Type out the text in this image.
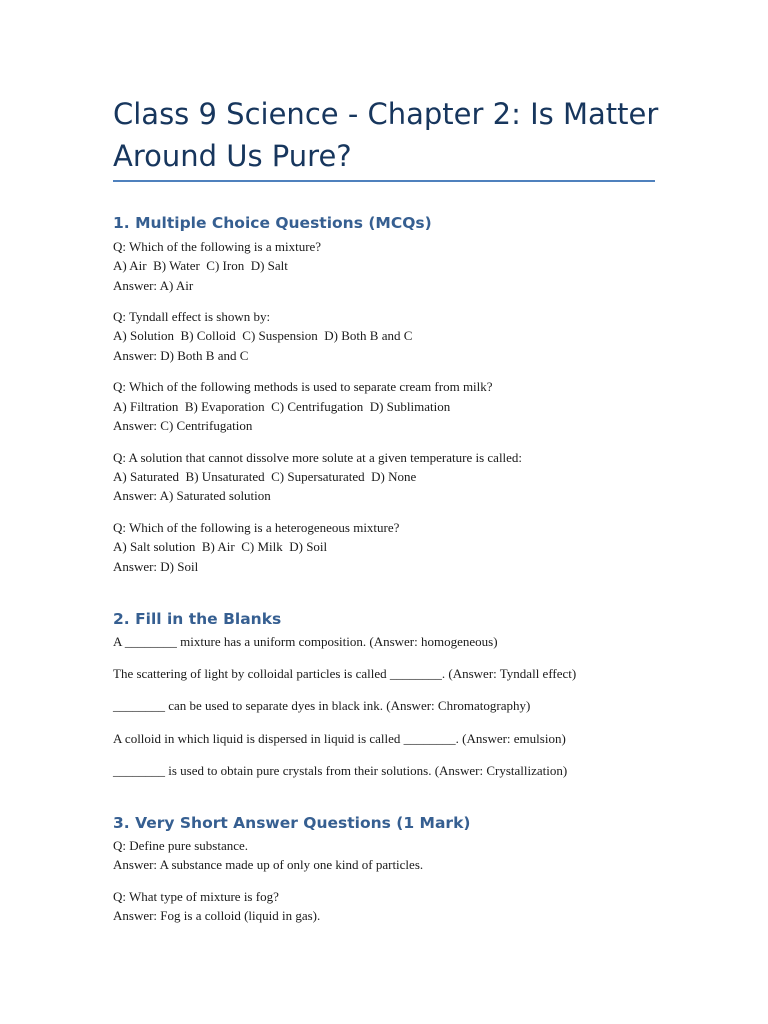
Class 9 Science - Chapter 2: Is Matter Around Us Pure?
1. Multiple Choice Questions (MCQs)
Q: Which of the following is a mixture?
A) Air  B) Water  C) Iron  D) Salt
Answer: A) Air
Q: Tyndall effect is shown by:
A) Solution  B) Colloid  C) Suspension  D) Both B and C
Answer: D) Both B and C
Q: Which of the following methods is used to separate cream from milk?
A) Filtration  B) Evaporation  C) Centrifugation  D) Sublimation
Answer: C) Centrifugation
Q: A solution that cannot dissolve more solute at a given temperature is called:
A) Saturated  B) Unsaturated  C) Supersaturated  D) None
Answer: A) Saturated solution
Q: Which of the following is a heterogeneous mixture?
A) Salt solution  B) Air  C) Milk  D) Soil
Answer: D) Soil
2. Fill in the Blanks
A ________ mixture has a uniform composition. (Answer: homogeneous)
The scattering of light by colloidal particles is called ________. (Answer: Tyndall effect)
________ can be used to separate dyes in black ink. (Answer: Chromatography)
A colloid in which liquid is dispersed in liquid is called ________. (Answer: emulsion)
________ is used to obtain pure crystals from their solutions. (Answer: Crystallization)
3. Very Short Answer Questions (1 Mark)
Q: Define pure substance.
Answer: A substance made up of only one kind of particles.
Q: What type of mixture is fog?
Answer: Fog is a colloid (liquid in gas).
